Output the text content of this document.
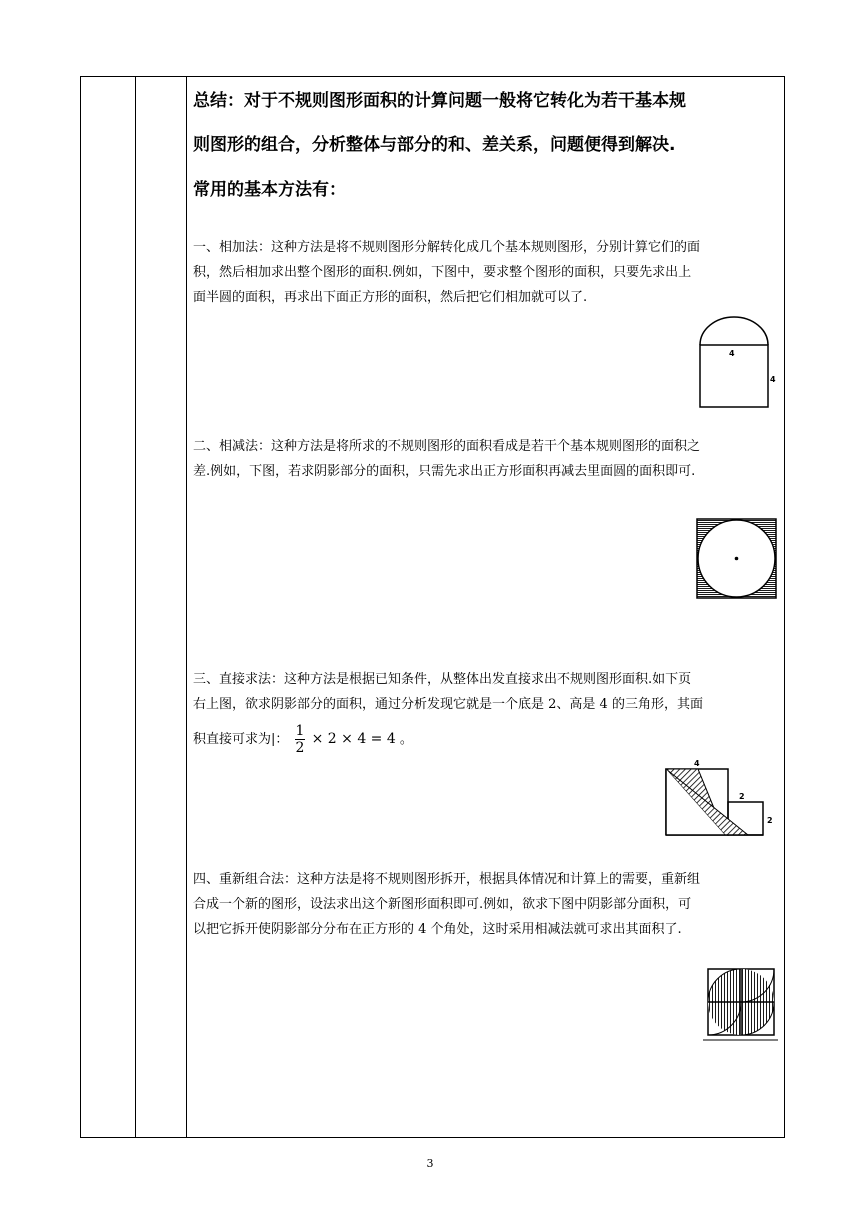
总结：对于不规则图形面积的计算问题一般将它转化为若干基本规
则图形的组合，分析整体与部分的和、差关系，问题便得到解决.
常用的基本方法有：
一、相加法：这种方法是将不规则图形分解转化成几个基本规则图形，分别计算它们的面
积，然后相加求出整个图形的面积.例如，下图中，要求整个图形的面积，只要先求出上
面半圆的面积，再求出下面正方形的面积，然后把它们相加就可以了.
4
4
二、相减法：这种方法是将所求的不规则图形的面积看成是若干个基本规则图形的面积之
差.例如，下图，若求阴影部分的面积，只需先求出正方形面积再减去里面圆的面积即可.
三、直接求法：这种方法是根据已知条件，从整体出发直接求出不规则图形面积.如下页
右上图，欲求阴影部分的面积，通过分析发现它就是一个底是 2、高是 4 的三角形，其面
积直接可求为|： $\frac{1}{2} \times 2 \times 4 = 4$ 。
4
2
2
四、重新组合法：这种方法是将不规则图形拆开，根据具体情况和计算上的需要，重新组
合成一个新的图形，设法求出这个新图形面积即可.例如，欲求下图中阴影部分面积，可
以把它拆开使阴影部分分布在正方形的 4 个角处，这时采用相减法就可求出其面积了.
3
